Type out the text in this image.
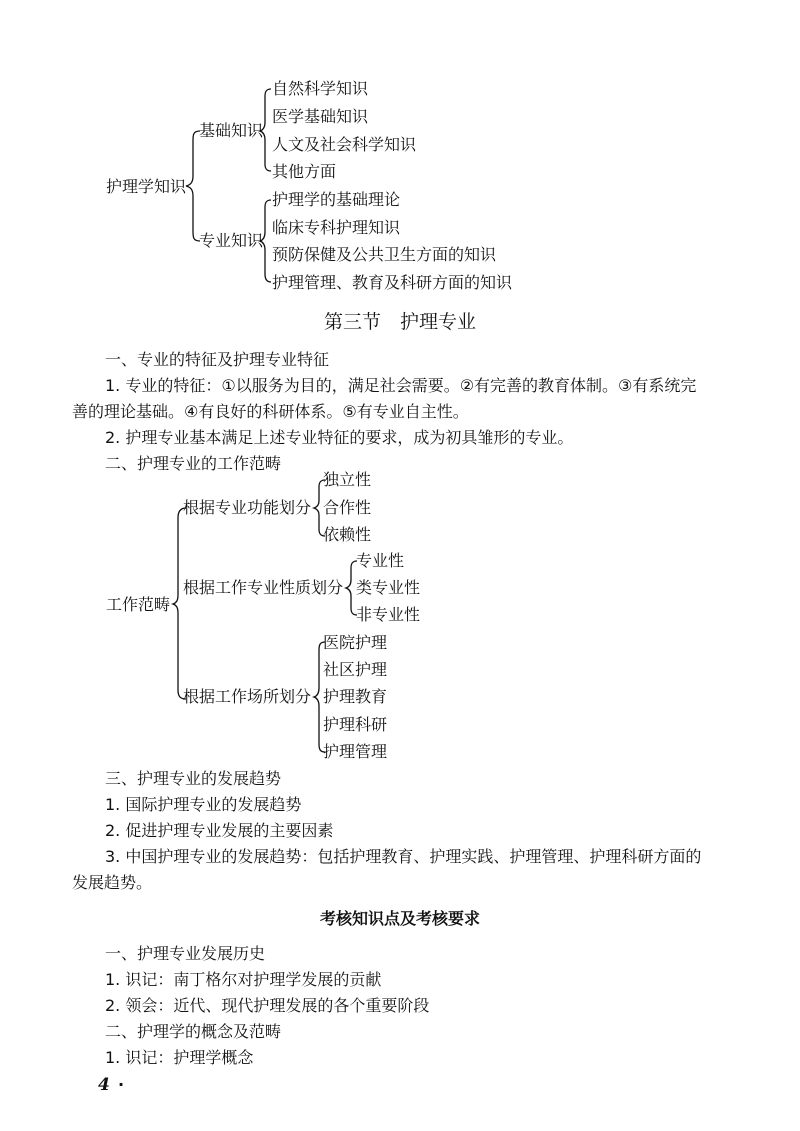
护理学知识
基础知识
专业知识
自然科学知识
医学基础知识
人文及社会科学知识
其他方面
护理学的基础理论
临床专科护理知识
预防保健及公共卫生方面的知识
护理管理、教育及科研方面的知识
第三节　护理专业
一、专业的特征及护理专业特征
1. 专业的特征：①以服务为目的，满足社会需要。②有完善的教育体制。③有系统完
善的理论基础。④有良好的科研体系。⑤有专业自主性。
2. 护理专业基本满足上述专业特征的要求，成为初具雏形的专业。
二、护理专业的工作范畴
工作范畴
根据专业功能划分
根据工作专业性质划分
根据工作场所划分
独立性
合作性
依赖性
专业性
类专业性
非专业性
医院护理
社区护理
护理教育
护理科研
护理管理
三、护理专业的发展趋势
1. 国际护理专业的发展趋势
2. 促进护理专业发展的主要因素
3. 中国护理专业的发展趋势：包括护理教育、护理实践、护理管理、护理科研方面的
发展趋势。
考核知识点及考核要求
一、护理专业发展历史
1. 识记：南丁格尔对护理学发展的贡献
2. 领会：近代、现代护理发展的各个重要阶段
二、护理学的概念及范畴
1. 识记：护理学概念
4 ·
